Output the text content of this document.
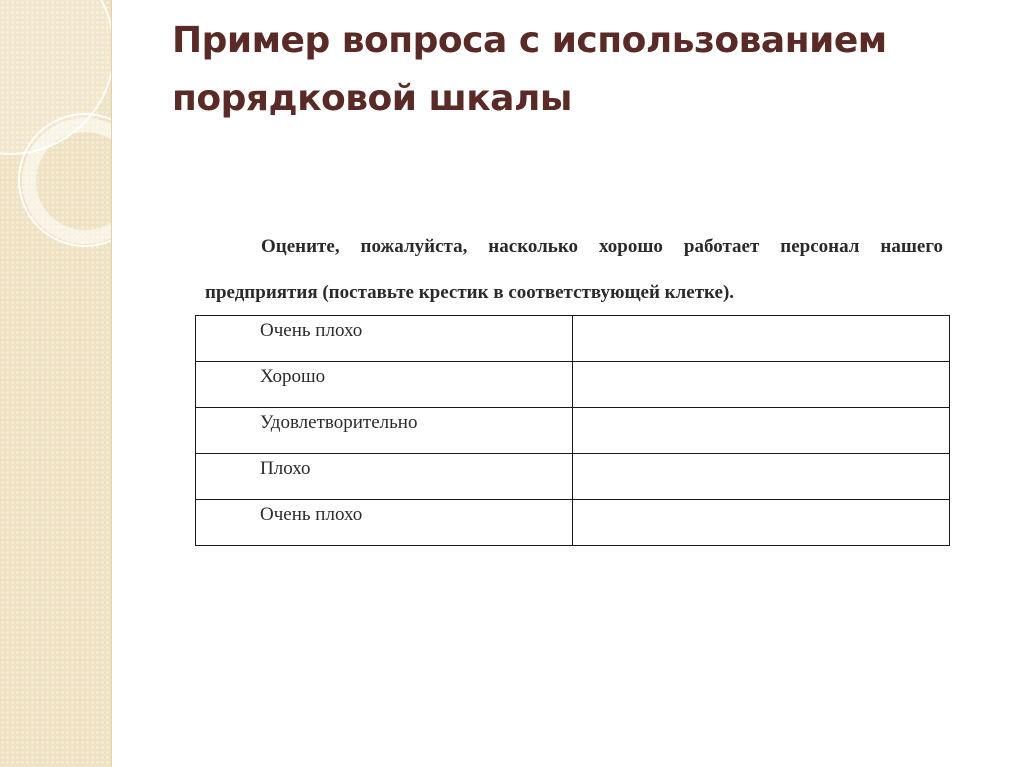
Пример вопроса с использованием порядковой шкалы

Оцените, пожалуйста, насколько хорошо работает персонал нашего предприятия (поставьте крестик в соответствующей клетке).

Очень плохо	
Хорошо	
Удовлетворительно	
Плохо	
Очень плохо	
